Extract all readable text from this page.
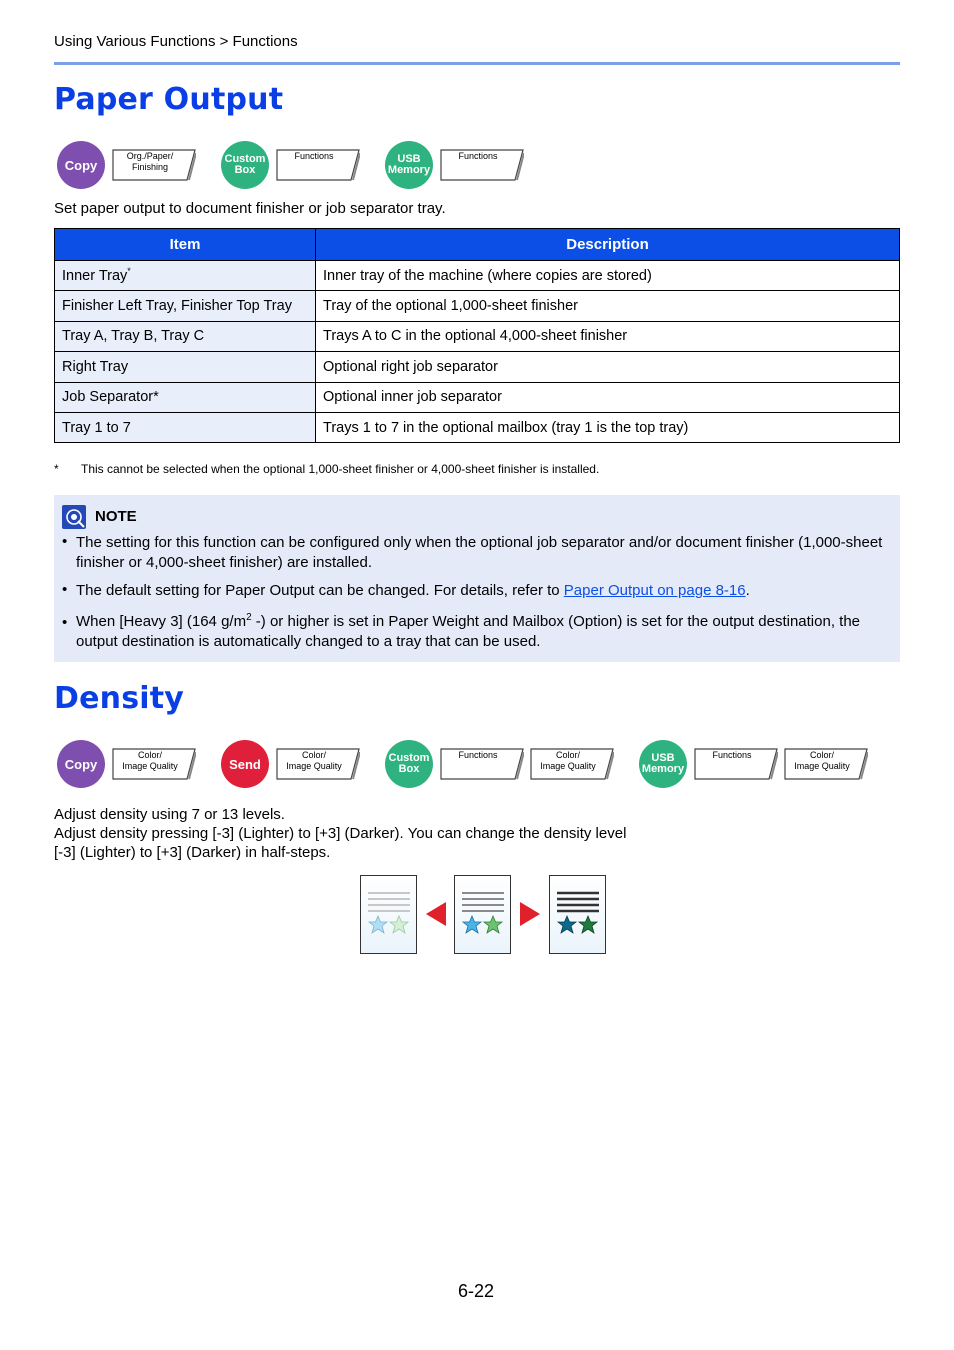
Using Various Functions > Functions
Paper Output
Copy
Org./Paper/
Finishing
Custom
Box
Functions	USB
Memory
Functions
Set paper output to document finisher or job separator tray.
Item	Description
Inner Tray*	Inner tray of the machine (where copies are stored)
Finisher Left Tray, Finisher Top Tray	Tray of the optional 1,000-sheet finisher
Tray A, Tray B, Tray C	Trays A to C in the optional 4,000-sheet finisher
Right Tray	Optional right job separator
Job Separator*	Optional inner job separator
Tray 1 to 7	Trays 1 to 7 in the optional mailbox (tray 1 is the top tray)
* This cannot be selected when the optional 1,000-sheet finisher or 4,000-sheet finisher is installed.
NOTE
• The setting for this function can be configured only when the optional job separator and/or document finisher (1,000-sheet finisher or 4,000-sheet finisher) are installed.
• The default setting for Paper Output can be changed. For details, refer to Paper Output on page 8-16.
• When [Heavy 3] (164 $g/m^2$ -) or higher is set in Paper Weight and Mailbox (Option) is set for the output destination, the output destination is automatically changed to a tray that can be used.
Density
Copy
Color/
Image Quality	Send
Color/
Image Quality
Custom
Box
Functions	Color/
Image Quality
USB
Memory
Functions	Color/
Image Quality
Adjust density using 7 or 13 levels.
Adjust density pressing [-3] (Lighter) to [+3] (Darker). You can change the density level
[-3] (Lighter) to [+3] (Darker) in half-steps.
6-22
